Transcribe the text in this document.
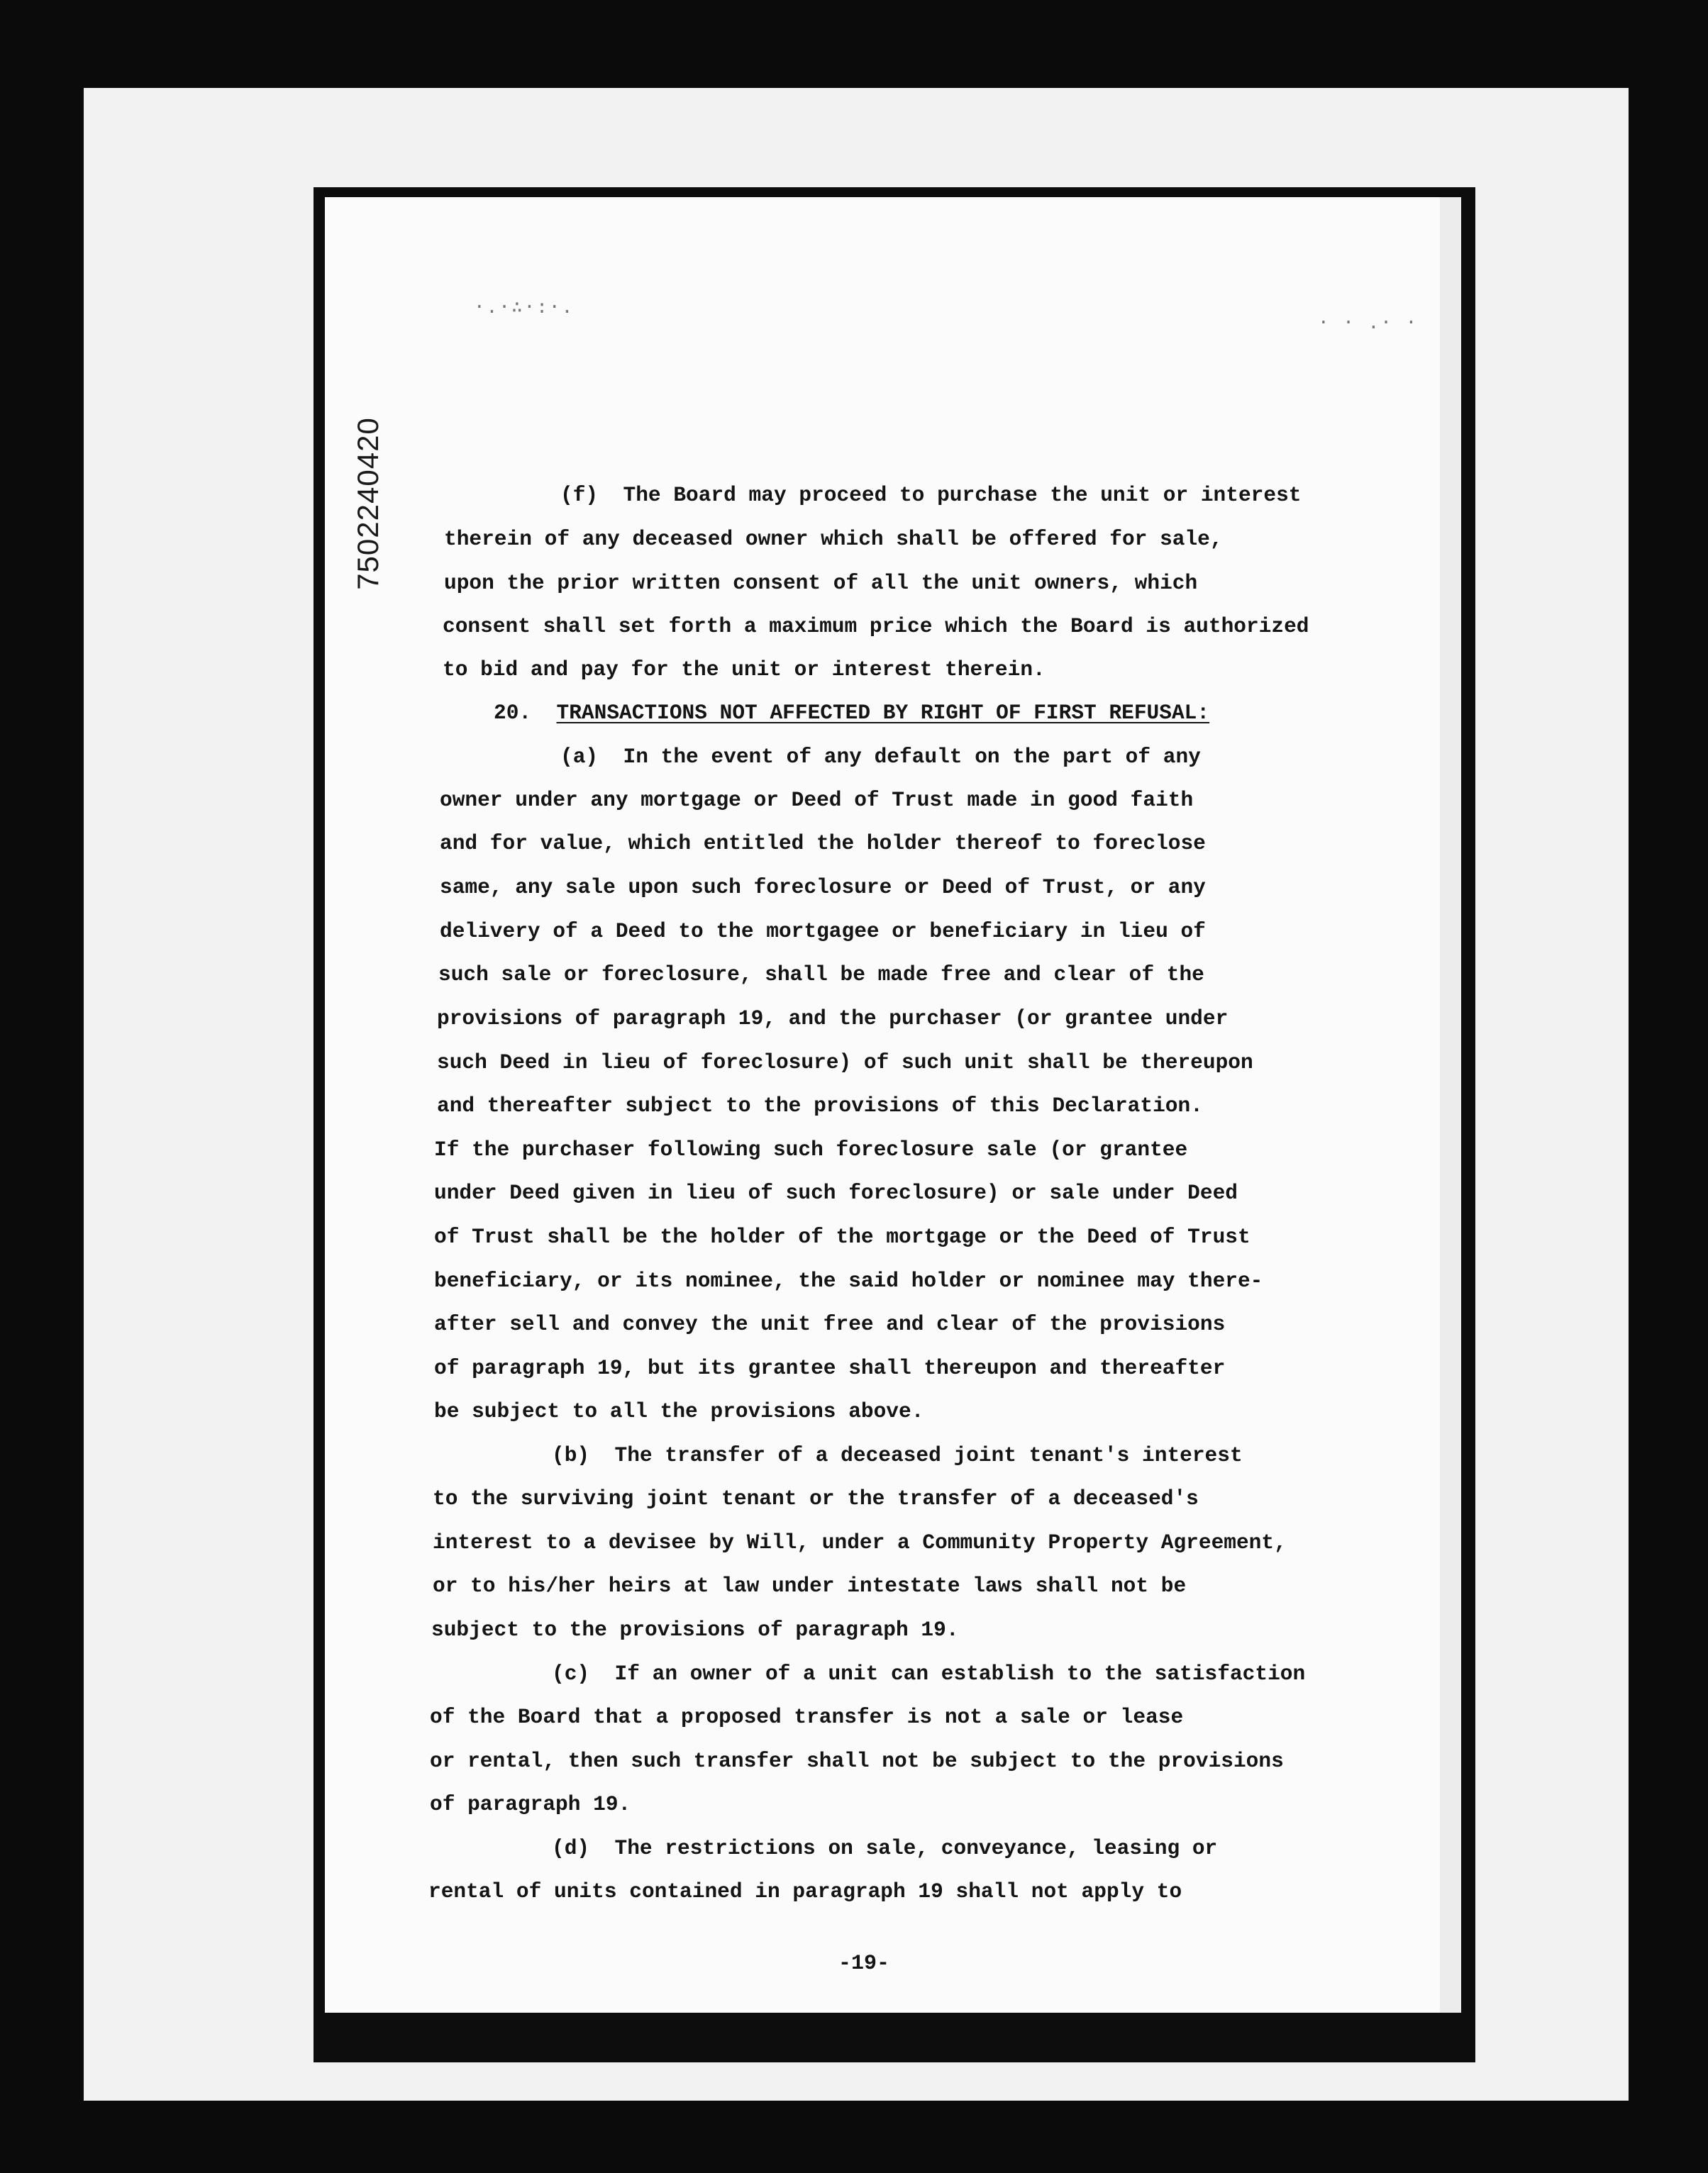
·.·∴·:·.
· · .· ·
7502240420	(f)  The Board may proceed to purchase the unit or interest
therein of any deceased owner which shall be offered for sale,
upon the prior written consent of all the unit owners, which
consent shall set forth a maximum price which the Board is authorized
to bid and pay for the unit or interest therein.
20. TRANSACTIONS NOT AFFECTED BY RIGHT OF FIRST REFUSAL:
(a)  In the event of any default on the part of any
owner under any mortgage or Deed of Trust made in good faith
and for value, which entitled the holder thereof to foreclose
same, any sale upon such foreclosure or Deed of Trust, or any
delivery of a Deed to the mortgagee or beneficiary in lieu of
such sale or foreclosure, shall be made free and clear of the
provisions of paragraph 19, and the purchaser (or grantee under
such Deed in lieu of foreclosure) of such unit shall be thereupon
and thereafter subject to the provisions of this Declaration.
If the purchaser following such foreclosure sale (or grantee
under Deed given in lieu of such foreclosure) or sale under Deed
of Trust shall be the holder of the mortgage or the Deed of Trust
beneficiary, or its nominee, the said holder or nominee may there-
after sell and convey the unit free and clear of the provisions
of paragraph 19, but its grantee shall thereupon and thereafter
be subject to all the provisions above.
(b)  The transfer of a deceased joint tenant's interest
to the surviving joint tenant or the transfer of a deceased's
interest to a devisee by Will, under a Community Property Agreement,
or to his/her heirs at law under intestate laws shall not be
subject to the provisions of paragraph 19.
(c)  If an owner of a unit can establish to the satisfaction
of the Board that a proposed transfer is not a sale or lease
or rental, then such transfer shall not be subject to the provisions
of paragraph 19.
(d)  The restrictions on sale, conveyance, leasing or
rental of units contained in paragraph 19 shall not apply to
-19-
